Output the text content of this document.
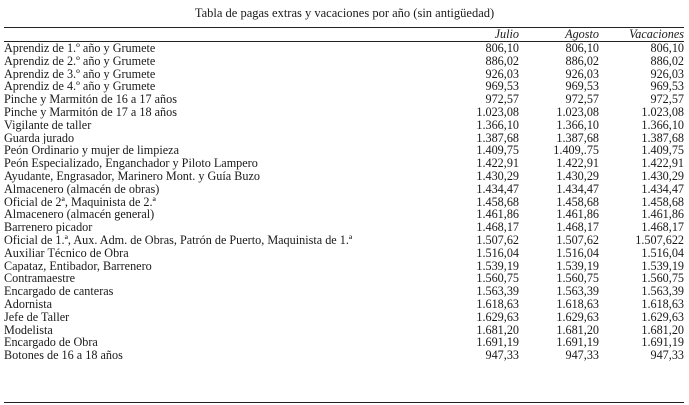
Tabla de pagas extras y vacaciones por año (sin antigüedad)
	Julio	Agosto	Vacaciones
Aprendiz de 1.º año y Grumete	806,10	806,10	806,10
Aprendiz de 2.º año y Grumete	886,02	886,02	886,02
Aprendiz de 3.º año y Grumete	926,03	926,03	926,03
Aprendiz de 4.º año y Grumete	969,53	969,53	969,53
Pinche y Marmitón de 16 a 17 años	972,57	972,57	972,57
Pinche y Marmitón de 17 a 18 años	1.023,08	1.023,08	1.023,08
Vigilante de taller	1.366,10	1.366,10	1.366,10
Guarda jurado	1.387,68	1.387,68	1.387,68
Peón Ordinario y mujer de limpieza	1.409,75	1.409,.75	1.409,75
Peón Especializado, Enganchador y Piloto Lampero	1.422,91	1.422,91	1.422,91
Ayudante, Engrasador, Marinero Mont. y Guía Buzo	1.430,29	1.430,29	1.430,29
Almacenero (almacén de obras)	1.434,47	1.434,47	1.434,47
Oficial de 2ª, Maquinista de 2.ª	1.458,68	1.458,68	1.458,68
Almacenero (almacén general)	1.461,86	1.461,86	1.461,86
Barrenero picador	1.468,17	1.468,17	1.468,17
Oficial de 1.ª, Aux. Adm. de Obras, Patrón de Puerto, Maquinista de 1.ª	1.507,62	1.507,62	1.507,622
Auxiliar Técnico de Obra	1.516,04	1.516,04	1.516,04
Capataz, Entibador, Barrenero	1.539,19	1.539,19	1.539,19
Contramaestre	1.560,75	1.560,75	1.560,75
Encargado de canteras	1.563,39	1.563,39	1.563,39
Adornista	1.618,63	1.618,63	1.618,63
Jefe de Taller	1.629,63	1.629,63	1.629,63
Modelista	1.681,20	1.681,20	1.681,20
Encargado de Obra	1.691,19	1.691,19	1.691,19
Botones de 16 a 18 años	947,33	947,33	947,33
